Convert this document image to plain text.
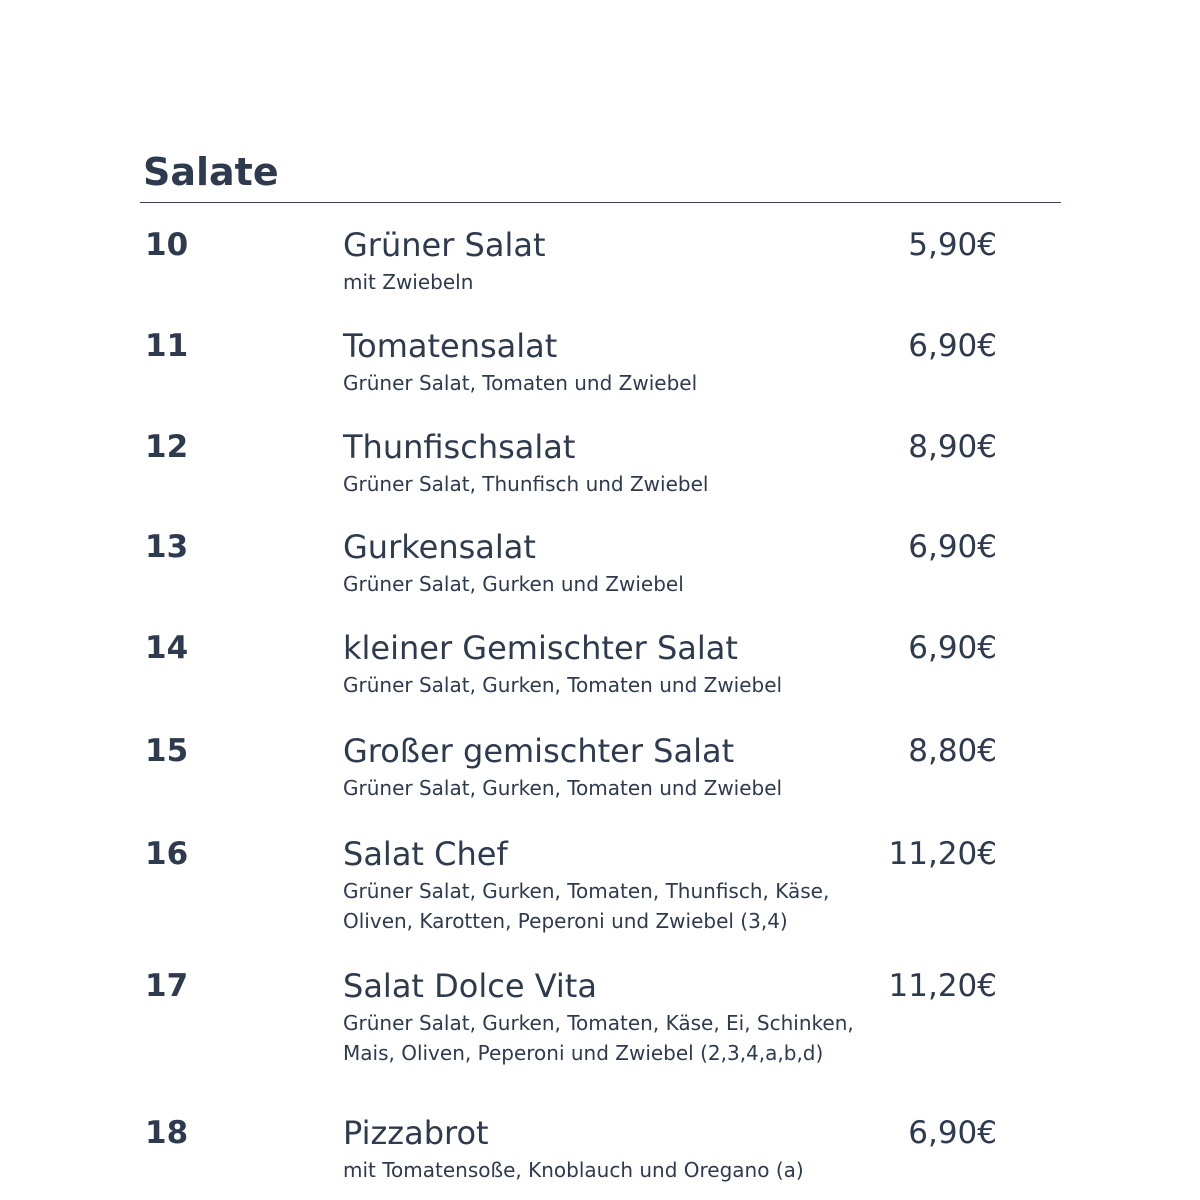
Salate
10	Grüner Salat
mit Zwiebeln
5,90€
11	Tomatensalat
Grüner Salat, Tomaten und Zwiebel
6,90€
12	Thunfischsalat
Grüner Salat, Thunfisch und Zwiebel
8,90€
13	Gurkensalat
Grüner Salat, Gurken und Zwiebel
6,90€
14	kleiner Gemischter Salat
Grüner Salat, Gurken, Tomaten und Zwiebel
6,90€
15	Großer gemischter Salat
Grüner Salat, Gurken, Tomaten und Zwiebel
8,80€
16	Salat Chef
Grüner Salat, Gurken, Tomaten, Thunfisch, Käse, Oliven, Karotten, Peperoni und Zwiebel (3,4)
11,20€
17	Salat Dolce Vita
Grüner Salat, Gurken, Tomaten, Käse, Ei, Schinken, Mais, Oliven, Peperoni und Zwiebel (2,3,4,a,b,d)
11,20€
18	Pizzabrot
mit Tomatensoße, Knoblauch und Oregano (a)
6,90€
